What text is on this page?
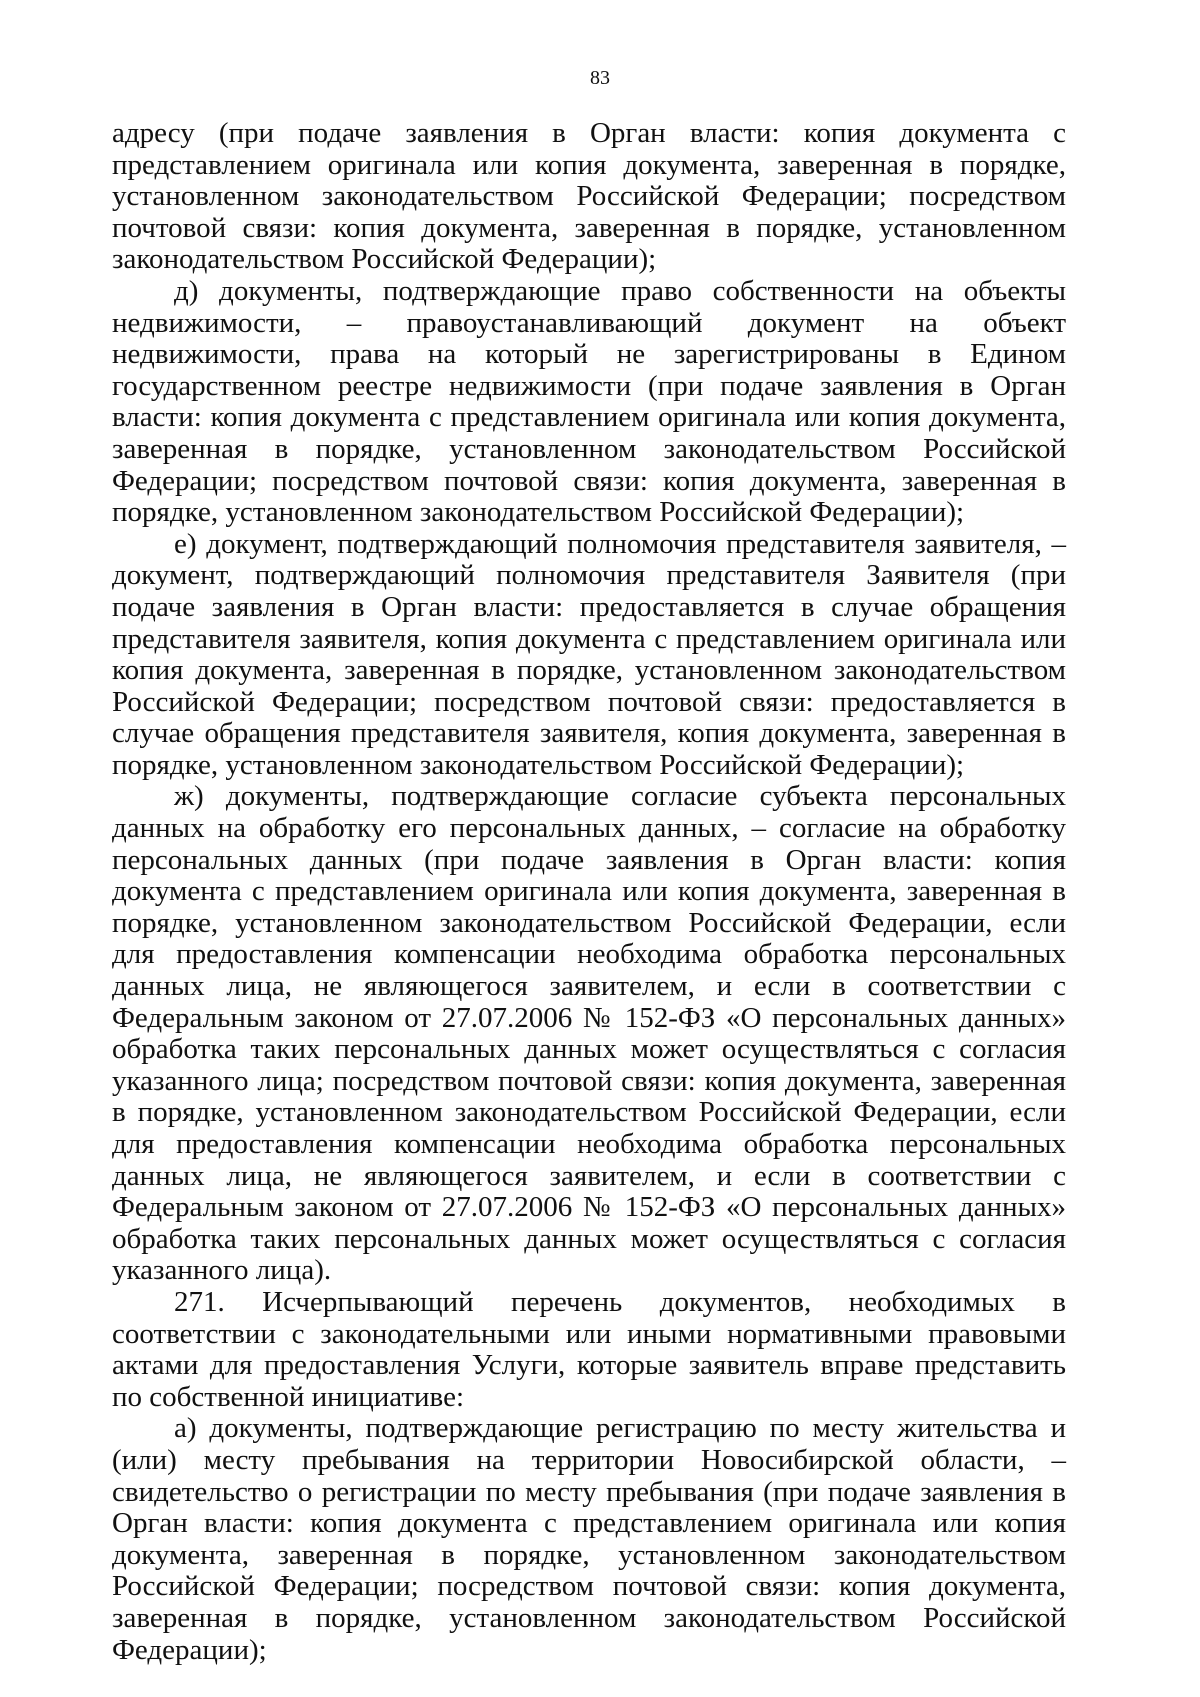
83

адресу (при подаче заявления в Орган власти: копия документа с представлением оригинала или копия документа, заверенная в порядке, установленном законодательством Российской Федерации; посредством почтовой связи: копия документа, заверенная в порядке, установленном законодательством Российской Федерации);

д) документы, подтверждающие право собственности на объекты недвижимости, – правоустанавливающий документ на объект недвижимости, права на который не зарегистрированы в Едином государственном реестре недвижимости (при подаче заявления в Орган власти: копия документа с представлением оригинала или копия документа, заверенная в порядке, установленном законодательством Российской Федерации; посредством почтовой связи: копия документа, заверенная в порядке, установленном законодательством Российской Федерации);

е) документ, подтверждающий полномочия представителя заявителя, – документ, подтверждающий полномочия представителя Заявителя (при подаче заявления в Орган власти: предоставляется в случае обращения представителя заявителя, копия документа с представлением оригинала или копия документа, заверенная в порядке, установленном законодательством Российской Федерации; посредством почтовой связи: предоставляется в случае обращения представителя заявителя, копия документа, заверенная в порядке, установленном законодательством Российской Федерации);

ж) документы, подтверждающие согласие субъекта персональных данных на обработку его персональных данных, – согласие на обработку персональных данных (при подаче заявления в Орган власти: копия документа с представлением оригинала или копия документа, заверенная в порядке, установленном законодательством Российской Федерации, если для предоставления компенсации необходима обработка персональных данных лица, не являющегося заявителем, и если в соответствии с Федеральным законом от 27.07.2006 № 152-ФЗ «О персональных данных» обработка таких персональных данных может осуществляться с согласия указанного лица; посредством почтовой связи: копия документа, заверенная в порядке, установленном законодательством Российской Федерации, если для предоставления компенсации необходима обработка персональных данных лица, не являющегося заявителем, и если в соответствии с Федеральным законом от 27.07.2006 № 152-ФЗ «О персональных данных» обработка таких персональных данных может осуществляться с согласия указанного лица).

271. Исчерпывающий перечень документов, необходимых в соответствии с законодательными или иными нормативными правовыми актами для предоставления Услуги, которые заявитель вправе представить по собственной инициативе:

а) документы, подтверждающие регистрацию по месту жительства и (или) месту пребывания на территории Новосибирской области, – свидетельство о регистрации по месту пребывания (при подаче заявления в Орган власти: копия документа с представлением оригинала или копия документа, заверенная в порядке, установленном законодательством Российской Федерации; посредством почтовой связи: копия документа, заверенная в порядке, установленном законодательством Российской Федерации);
